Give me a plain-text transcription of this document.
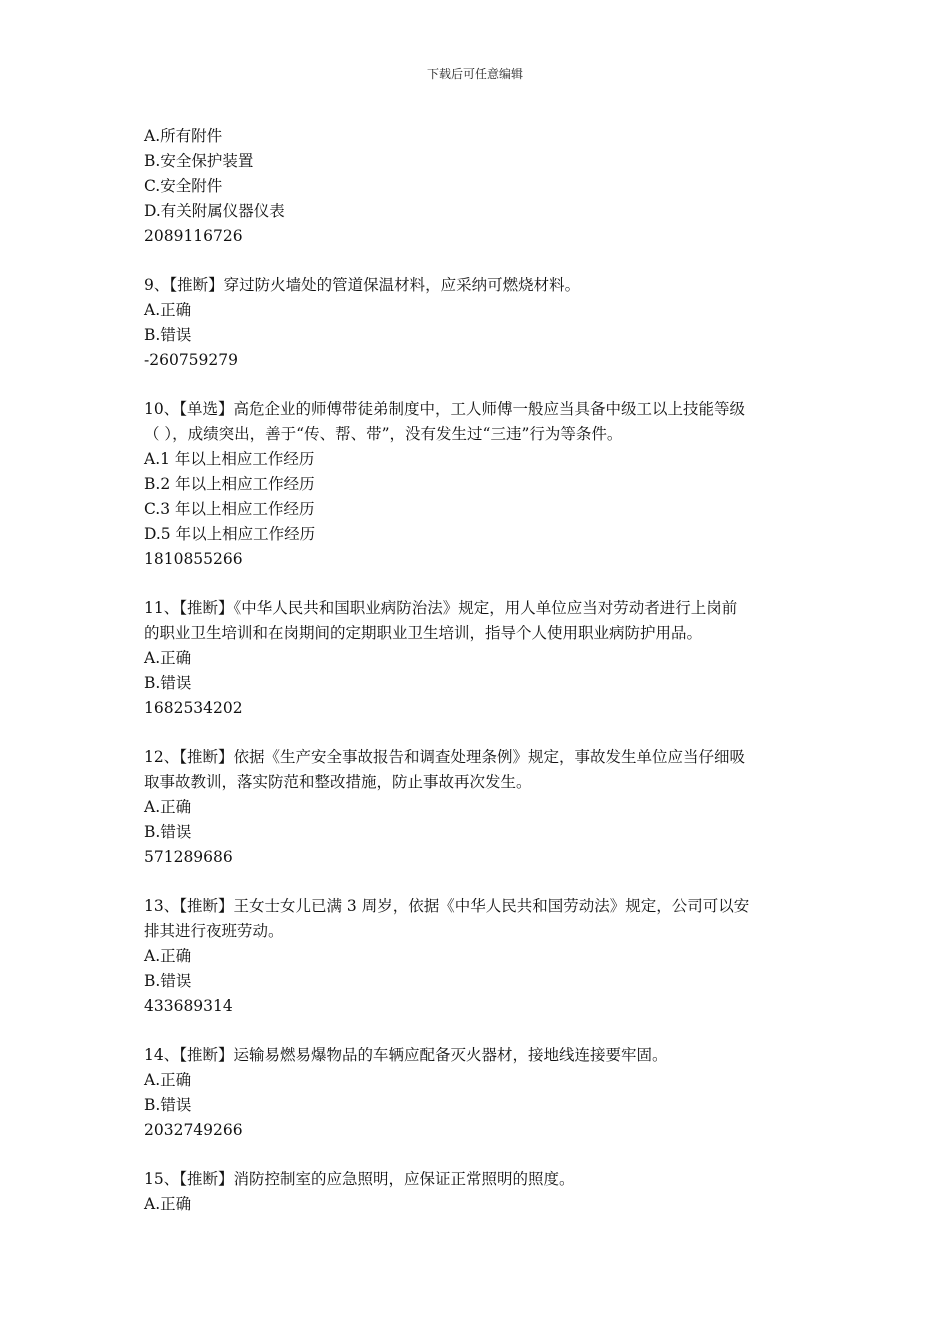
下载后可任意编辑
A.所有附件
B.安全保护装置
C.安全附件
D.有关附属仪器仪表
2089116726
9、【推断】穿过防火墙处的管道保温材料，应采纳可燃烧材料。
A.正确
B.错误
-260759279
10、【单选】高危企业的师傅带徒弟制度中，工人师傅一般应当具备中级工以上技能等级
（ ），成绩突出，善于“传、帮、带”，没有发生过“三违”行为等条件。
A.1 年以上相应工作经历
B.2 年以上相应工作经历
C.3 年以上相应工作经历
D.5 年以上相应工作经历
1810855266
11、【推断】《中华人民共和国职业病防治法》规定，用人单位应当对劳动者进行上岗前
的职业卫生培训和在岗期间的定期职业卫生培训，指导个人使用职业病防护用品。
A.正确
B.错误
1682534202
12、【推断】依据《生产安全事故报告和调查处理条例》规定，事故发生单位应当仔细吸
取事故教训，落实防范和整改措施，防止事故再次发生。
A.正确
B.错误
571289686
13、【推断】王女士女儿已满 3 周岁，依据《中华人民共和国劳动法》规定，公司可以安
排其进行夜班劳动。
A.正确
B.错误
433689314
14、【推断】运输易燃易爆物品的车辆应配备灭火器材，接地线连接要牢固。
A.正确
B.错误
2032749266
15、【推断】消防控制室的应急照明，应保证正常照明的照度。
A.正确
